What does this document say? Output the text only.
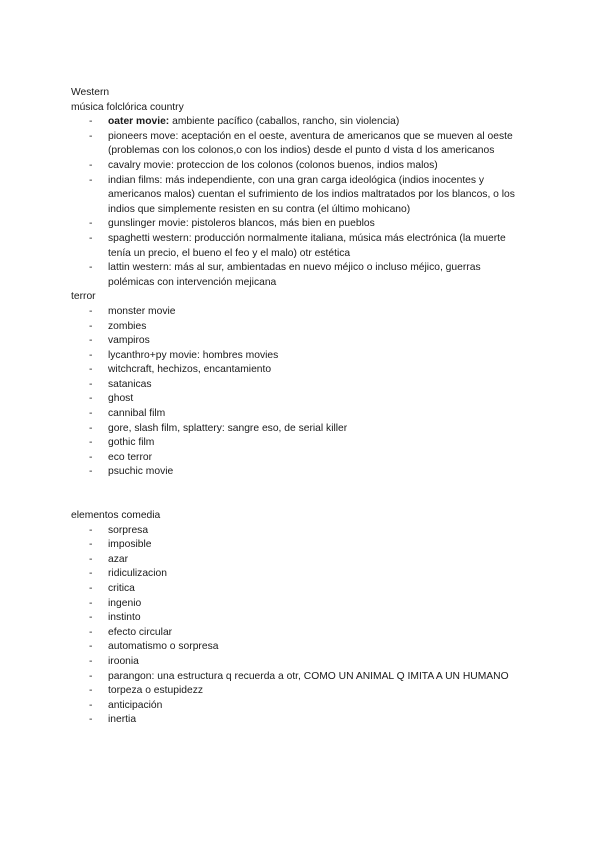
Western
música folclórica country
- oater movie: ambiente pacífico (caballos, rancho, sin violencia)
- pioneers move: aceptación en el oeste, aventura de americanos que se mueven al oeste (problemas con los colonos,o con los indios) desde el punto d vista d los americanos
- cavalry movie: proteccion de los colonos (colonos buenos, indios malos)
- indian films: más independiente, con una gran carga ideológica (indios inocentes y americanos malos) cuentan el sufrimiento de los indios maltratados por los blancos, o los indios que simplemente resisten en su contra (el último mohicano)
- gunslinger movie: pistoleros blancos, más bien en pueblos
- spaghetti western: producción normalmente italiana, música más electrónica (la muerte tenía un precio, el bueno el feo y el malo) otr estética
- lattin western: más al sur, ambientadas en nuevo méjico o incluso méjico, guerras polémicas con intervención mejicana
terror
- monster movie
- zombies
- vampiros
- lycanthro+py movie: hombres movies
- witchcraft, hechizos, encantamiento
- satanicas
- ghost
- cannibal film
- gore, slash film, splattery: sangre eso, de serial killer
- gothic film
- eco terror
- psuchic movie
elementos comedia
- sorpresa
- imposible
- azar
- ridiculizacion
- critica
- ingenio
- instinto
- efecto circular
- automatismo o sorpresa
- iroonia
- parangon: una estructura q recuerda a otr, COMO UN ANIMAL Q IMITA A UN HUMANO
- torpeza o estupidezz
- anticipación
- inertia
